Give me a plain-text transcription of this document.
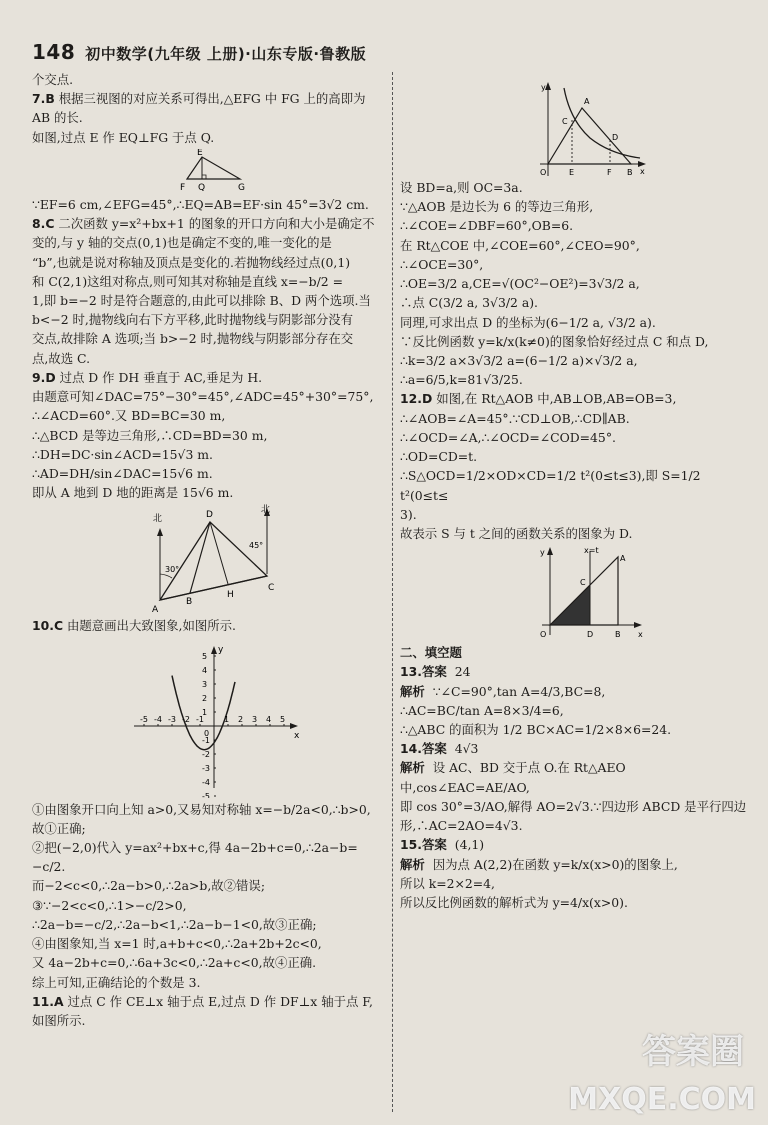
148 初中数学(九年级 上册)·山东专版·鲁教版

个交点.

7.B 根据三视图的对应关系可得出,△EFG 中 FG 上的高即为

AB 的长.

如图,过点 E 作 EQ⊥FG 于点 Q.

E
F Q	G

∵EF=6 cm,∠EFG=45°,∴EQ=AB=EF·sin 45°=3√2 cm.

8.C 二次函数 y=x²+bx+1 的图象的开口方向和大小是确定不

变的,与 y 轴的交点(0,1)也是确定不变的,唯一变化的是

“b”,也就是说对称轴及顶点是变化的.若抛物线经过点(0,1)

和 C(2,1)这组对称点,则可知其对称轴是直线 x=−b/2 =

1,即 b=−2 时是符合题意的,由此可以排除 B、D 两个选项.当

b<−2 时,抛物线向右下方平移,此时抛物线与阴影部分没有

交点,故排除 A 选项;当 b>−2 时,抛物线与阴影部分存在交

点,故选 C.

9.D 过点 D 作 DH 垂直于 AC,垂足为 H.

由题意可知∠DAC=75°−30°=45°,∠ADC=45°+30°=75°,

∴∠ACD=60°.又 BD=BC=30 m,

∴△BCD 是等边三角形,∴CD=BD=30 m,

∴DH=DC·sin∠ACD=15√3 m.

∴AD=DH/sin∠DAC=15√6 m.

即从 A 地到 D 地的距离是 15√6 m.

北
北
D
A
B
H
C
30°
45°

10.C 由题意画出大致图象,如图所示.

y
x
0
-5 -4 -3 -2 -1	1 2 3 4 5
5
4
3
2
1
-1
-2
-3
-4
-5

①由图象开口向上知 a>0,又易知对称轴 x=−b/2a<0,∴b>0,

故①正确;

②把(−2,0)代入 y=ax²+bx+c,得 4a−2b+c=0,∴2a−b=

−c/2.

而−2<c<0,∴2a−b>0,∴2a>b,故②错误;

③∵−2<c<0,∴1>−c/2>0,

∴2a−b=−c/2,∴2a−b<1,∴2a−b−1<0,故③正确;

④由图象知,当 x=1 时,a+b+c<0,∴2a+2b+2c<0,

又 4a−2b+c=0,∴6a+3c<0,∴2a+c<0,故④正确.

综上可知,正确结论的个数是 3.

11.A 过点 C 作 CE⊥x 轴于点 E,过点 D 作 DF⊥x 轴于点 F,

如图所示.

y
A
C
D
O	E	F B x

设 BD=a,则 OC=3a.

∵△AOB 是边长为 6 的等边三角形,

∴∠COE=∠DBF=60°,OB=6.

在 Rt△COE 中,∠COE=60°,∠CEO=90°,

∴∠OCE=30°,

∴OE=3/2 a,CE=√(OC²−OE²)=3√3/2 a,

∴点 C(3/2 a, 3√3/2 a).

同理,可求出点 D 的坐标为(6−1/2 a, √3/2 a).

∵反比例函数 y=k/x(k≠0)的图象恰好经过点 C 和点 D,

∴k=3/2 a×3√3/2 a=(6−1/2 a)×√3/2 a,

∴a=6/5,k=81√3/25.

12.D 如图,在 Rt△AOB 中,AB⊥OB,AB=OB=3,

∴∠AOB=∠A=45°.∵CD⊥OB,∴CD∥AB.

∴∠OCD=∠A,∴∠OCD=∠COD=45°.

∴OD=CD=t.

∴S△OCD=1/2×OD×CD=1/2 t²(0≤t≤3),即 S=1/2 t²(0≤t≤

3).

故表示 S 与 t 之间的函数关系的图象为 D.

y	x=t
A
C
O	D	B x

二、填空题

13.答案 24

解析 ∵∠C=90°,tan A=4/3,BC=8,

∴AC=BC/tan A=8×3/4=6,

∴△ABC 的面积为 1/2 BC×AC=1/2×8×6=24.

14.答案 4√3

解析 设 AC、BD 交于点 O.在 Rt△AEO 中,cos∠EAC=AE/AO,

即 cos 30°=3/AO,解得 AO=2√3.∵四边形 ABCD 是平行四边

形,∴AC=2AO=4√3.

15.答案 (4,1)

解析 因为点 A(2,2)在函数 y=k/x(x>0)的图象上,

所以 k=2×2=4,

所以反比例函数的解析式为 y=4/x(x>0).

答案圈
MXQE.COM
